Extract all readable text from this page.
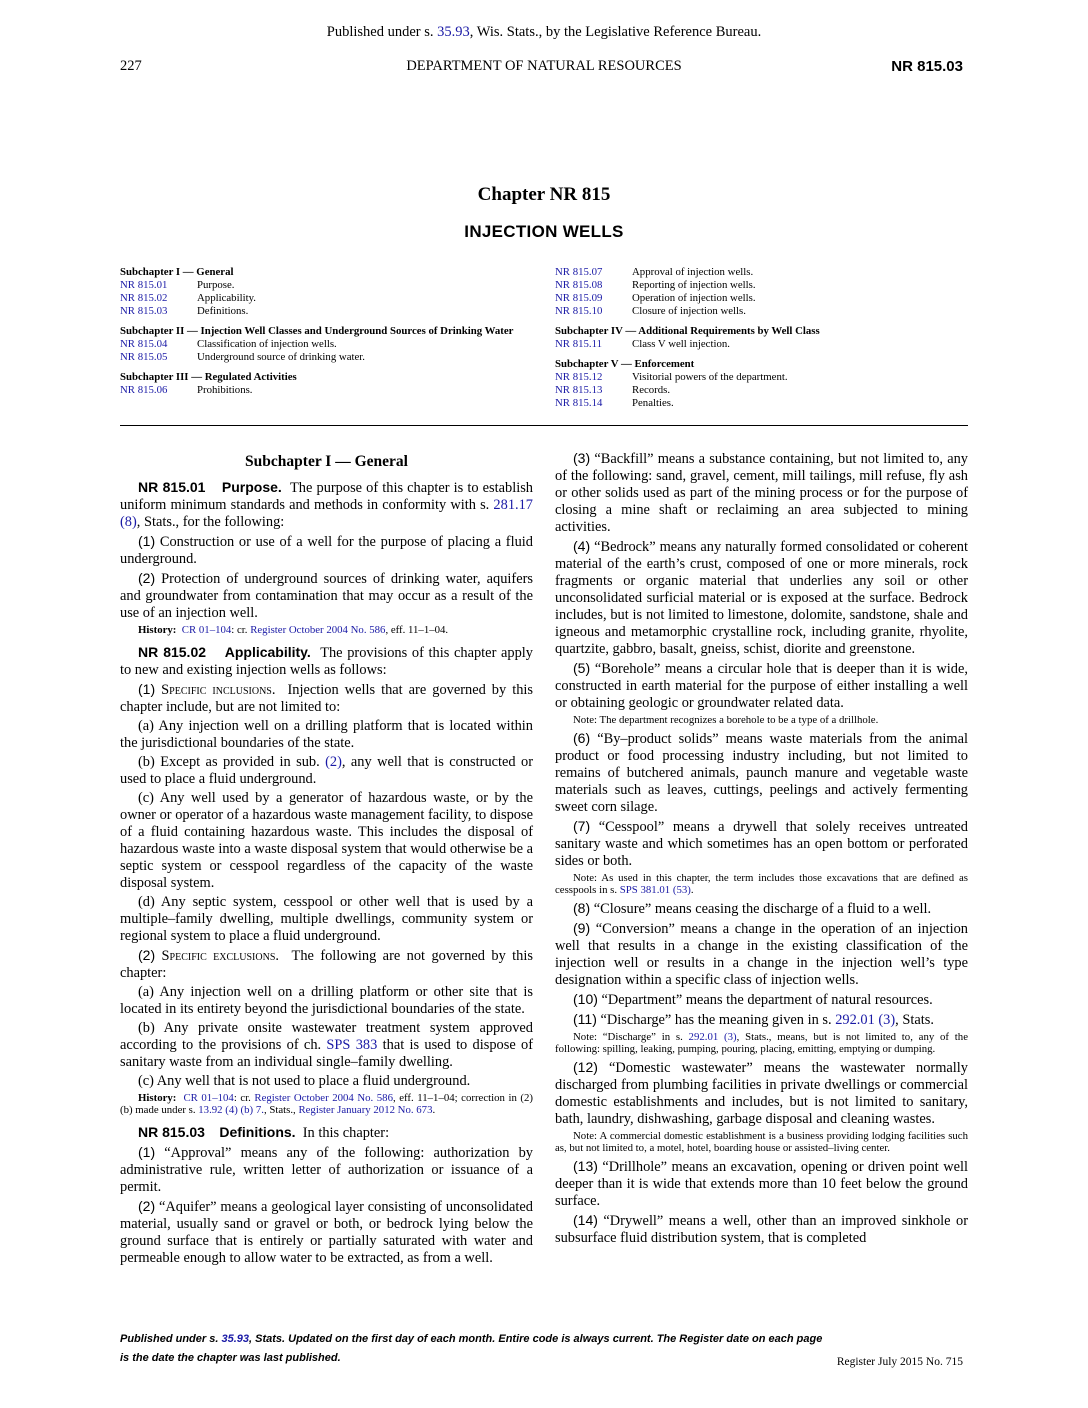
Published under s. 35.93, Wis. Stats., by the Legislative Reference Bureau.
227	DEPARTMENT OF NATURAL RESOURCES	NR 815.03
Chapter NR 815
INJECTION WELLS
Subchapter I — General
NR 815.01	Purpose.
NR 815.02	Applicability.
NR 815.03	Definitions.
Subchapter II — Injection Well Classes and Underground Sources of Drinking Water
NR 815.04	Classification of injection wells.
NR 815.05	Underground source of drinking water.
Subchapter III — Regulated Activities
NR 815.06	Prohibitions.
NR 815.07	Approval of injection wells.
NR 815.08	Reporting of injection wells.
NR 815.09	Operation of injection wells.
NR 815.10	Closure of injection wells.
Subchapter IV — Additional Requirements by Well Class
NR 815.11	Class V well injection.
Subchapter V — Enforcement
NR 815.12	Visitorial powers of the department.
NR 815.13	Records.
NR 815.14	Penalties.

Subchapter I — General

NR 815.01 Purpose. The purpose of this chapter is to establish uniform minimum standards and methods in conformity with s. 281.17 (8), Stats., for the following:

(1) Construction or use of a well for the purpose of placing a fluid underground.

(2) Protection of underground sources of drinking water, aquifers and groundwater from contamination that may occur as a result of the use of an injection well.

History: CR 01–104: cr. Register October 2004 No. 586, eff. 11–1–04.

NR 815.02 Applicability. The provisions of this chapter apply to new and existing injection wells as follows:

(1) Specific inclusions. Injection wells that are governed by this chapter include, but are not limited to:

(a) Any injection well on a drilling platform that is located within the jurisdictional boundaries of the state.

(b) Except as provided in sub. (2), any well that is constructed or used to place a fluid underground.

(c) Any well used by a generator of hazardous waste, or by the owner or operator of a hazardous waste management facility, to dispose of a fluid containing hazardous waste. This includes the disposal of hazardous waste into a waste disposal system that would otherwise be a septic system or cesspool regardless of the capacity of the waste disposal system.

(d) Any septic system, cesspool or other well that is used by a multiple–family dwelling, multiple dwellings, community system or regional system to place a fluid underground.

(2) Specific exclusions. The following are not governed by this chapter:

(a) Any injection well on a drilling platform or other site that is located in its entirety beyond the jurisdictional boundaries of the state.

(b) Any private onsite wastewater treatment system approved according to the provisions of ch. SPS 383 that is used to dispose of sanitary waste from an individual single–family dwelling.

(c) Any well that is not used to place a fluid underground.

History: CR 01–104: cr. Register October 2004 No. 586, eff. 11–1–04; correction in (2) (b) made under s. 13.92 (4) (b) 7., Stats., Register January 2012 No. 673.

NR 815.03 Definitions. In this chapter:

(1) “Approval” means any of the following: authorization by administrative rule, written letter of authorization or issuance of a permit.

(2) “Aquifer” means a geological layer consisting of unconsolidated material, usually sand or gravel or both, or bedrock lying below the ground surface that is entirely or partially saturated with water and permeable enough to allow water to be extracted, as from a well.

(3) “Backfill” means a substance containing, but not limited to, any of the following: sand, gravel, cement, mill tailings, mill refuse, fly ash or other solids used as part of the mining process or for the purpose of closing a mine shaft or reclaiming an area subjected to mining activities.

(4) “Bedrock” means any naturally formed consolidated or coherent material of the earth’s crust, composed of one or more minerals, rock fragments or organic material that underlies any soil or other unconsolidated surficial material or is exposed at the surface. Bedrock includes, but is not limited to limestone, dolomite, sandstone, shale and igneous and metamorphic crystalline rock, including granite, rhyolite, quartzite, gabbro, basalt, gneiss, schist, diorite and greenstone.

(5) “Borehole” means a circular hole that is deeper than it is wide, constructed in earth material for the purpose of either installing a well or obtaining geologic or groundwater related data.

Note: The department recognizes a borehole to be a type of a drillhole.

(6) “By–product solids” means waste materials from the animal product or food processing industry including, but not limited to remains of butchered animals, paunch manure and vegetable waste materials such as leaves, cuttings, peelings and actively fermenting sweet corn silage.

(7) “Cesspool” means a drywell that solely receives untreated sanitary waste and which sometimes has an open bottom or perforated sides or both.

Note: As used in this chapter, the term includes those excavations that are defined as cesspools in s. SPS 381.01 (53).

(8) “Closure” means ceasing the discharge of a fluid to a well.

(9) “Conversion” means a change in the operation of an injection well that results in a change in the existing classification of the injection well or results in a change in the injection well’s type designation within a specific class of injection wells.

(10) “Department” means the department of natural resources.

(11) “Discharge” has the meaning given in s. 292.01 (3), Stats.

Note: “Discharge” in s. 292.01 (3), Stats., means, but is not limited to, any of the following: spilling, leaking, pumping, pouring, placing, emitting, emptying or dumping.

(12) “Domestic wastewater” means the wastewater normally discharged from plumbing facilities in private dwellings or commercial domestic establishments and includes, but is not limited to sanitary, bath, laundry, dishwashing, garbage disposal and cleaning wastes.

Note: A commercial domestic establishment is a business providing lodging facilities such as, but not limited to, a motel, hotel, boarding house or assisted–living center.

(13) “Drillhole” means an excavation, opening or driven point well deeper than it is wide that extends more than 10 feet below the ground surface.

(14) “Drywell” means a well, other than an improved sinkhole or subsurface fluid distribution system, that is completed

Published under s. 35.93, Stats. Updated on the first day of each month. Entire code is always current. The Register date on each page
is the date the chapter was last published.	Register July 2015 No. 715
